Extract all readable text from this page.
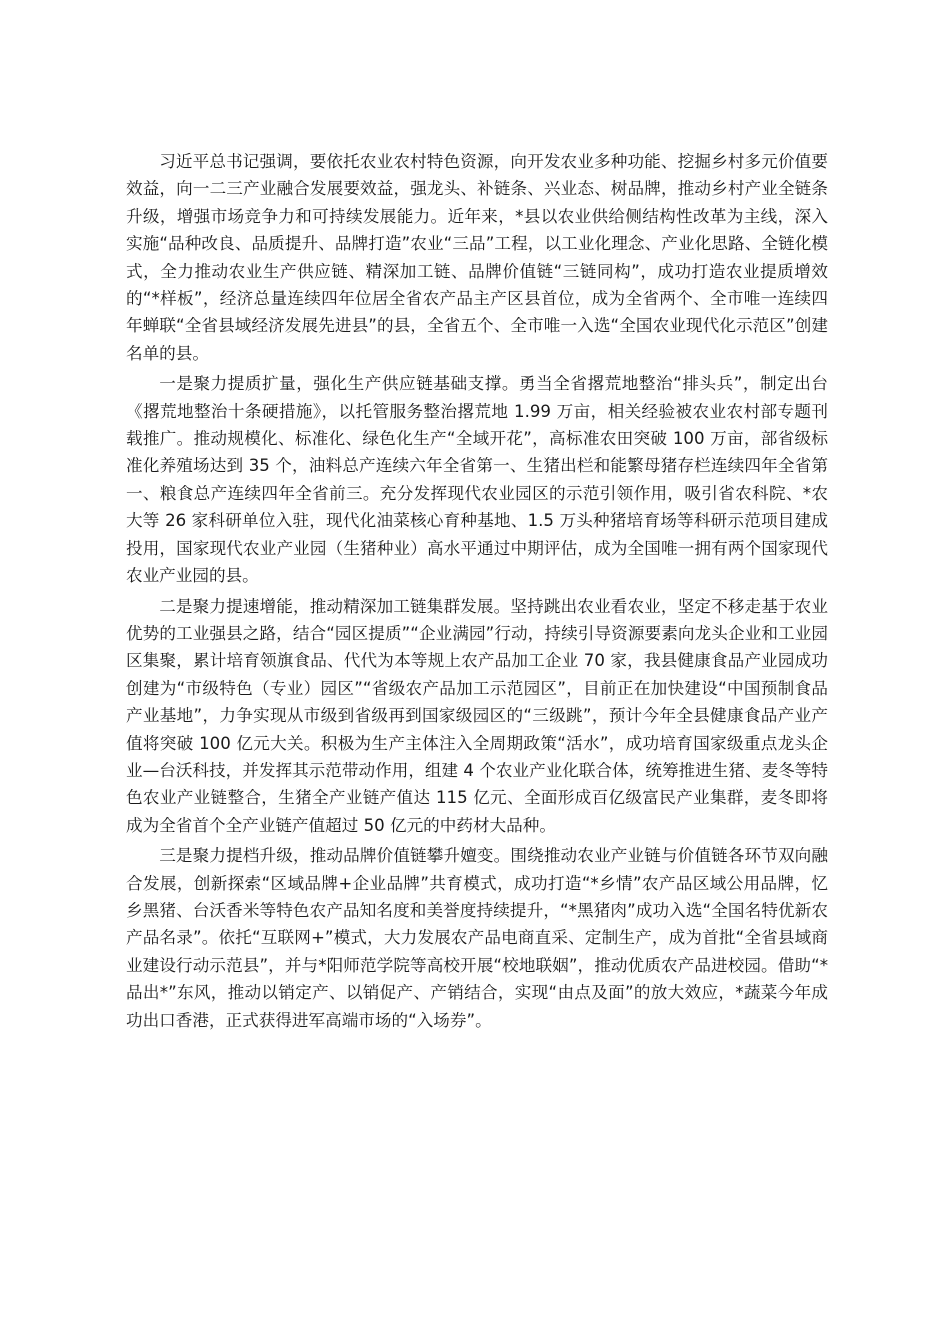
习近平总书记强调，要依托农业农村特色资源，向开发农业多种功能、挖掘乡村多元价值要效益，向一二三产业融合发展要效益，强龙头、补链条、兴业态、树品牌，推动乡村产业全链条升级，增强市场竞争力和可持续发展能力。近年来，*县以农业供给侧结构性改革为主线，深入实施“品种改良、品质提升、品牌打造”农业“三品”工程，以工业化理念、产业化思路、全链化模式，全力推动农业生产供应链、精深加工链、品牌价值链“三链同构”，成功打造农业提质增效的“*样板”，经济总量连续四年位居全省农产品主产区县首位，成为全省两个、全市唯一连续四年蝉联“全省县域经济发展先进县”的县，全省五个、全市唯一入选“全国农业现代化示范区”创建名单的县。

一是聚力提质扩量，强化生产供应链基础支撑。勇当全省撂荒地整治“排头兵”，制定出台《撂荒地整治十条硬措施》，以托管服务整治撂荒地 1.99 万亩，相关经验被农业农村部专题刊载推广。推动规模化、标准化、绿色化生产“全域开花”，高标准农田突破 100 万亩，部省级标准化养殖场达到 35 个，油料总产连续六年全省第一、生猪出栏和能繁母猪存栏连续四年全省第一、粮食总产连续四年全省前三。充分发挥现代农业园区的示范引领作用，吸引省农科院、*农大等 26 家科研单位入驻，现代化油菜核心育种基地、1.5 万头种猪培育场等科研示范项目建成投用，国家现代农业产业园（生猪种业）高水平通过中期评估，成为全国唯一拥有两个国家现代农业产业园的县。

二是聚力提速增能，推动精深加工链集群发展。坚持跳出农业看农业，坚定不移走基于农业优势的工业强县之路，结合“园区提质”“企业满园”行动，持续引导资源要素向龙头企业和工业园区集聚，累计培育领旗食品、代代为本等规上农产品加工企业 70 家，我县健康食品产业园成功创建为“市级特色（专业）园区”“省级农产品加工示范园区”，目前正在加快建设“中国预制食品产业基地”，力争实现从市级到省级再到国家级园区的“三级跳”，预计今年全县健康食品产业产值将突破 100 亿元大关。积极为生产主体注入全周期政策“活水”，成功培育国家级重点龙头企业—台沃科技，并发挥其示范带动作用，组建 4 个农业产业化联合体，统筹推进生猪、麦冬等特色农业产业链整合，生猪全产业链产值达 115 亿元、全面形成百亿级富民产业集群，麦冬即将成为全省首个全产业链产值超过 50 亿元的中药材大品种。

三是聚力提档升级，推动品牌价值链攀升嬗变。围绕推动农业产业链与价值链各环节双向融合发展，创新探索“区域品牌+企业品牌”共育模式，成功打造“*乡情”农产品区域公用品牌，忆乡黑猪、台沃香米等特色农产品知名度和美誉度持续提升，“*黑猪肉”成功入选“全国名特优新农产品名录”。依托“互联网+”模式，大力发展农产品电商直采、定制生产，成为首批“全省县域商业建设行动示范县”，并与*阳师范学院等高校开展“校地联姻”，推动优质农产品进校园。借助“*品出*”东风，推动以销定产、以销促产、产销结合，实现“由点及面”的放大效应，*蔬菜今年成功出口香港，正式获得进军高端市场的“入场券”。
